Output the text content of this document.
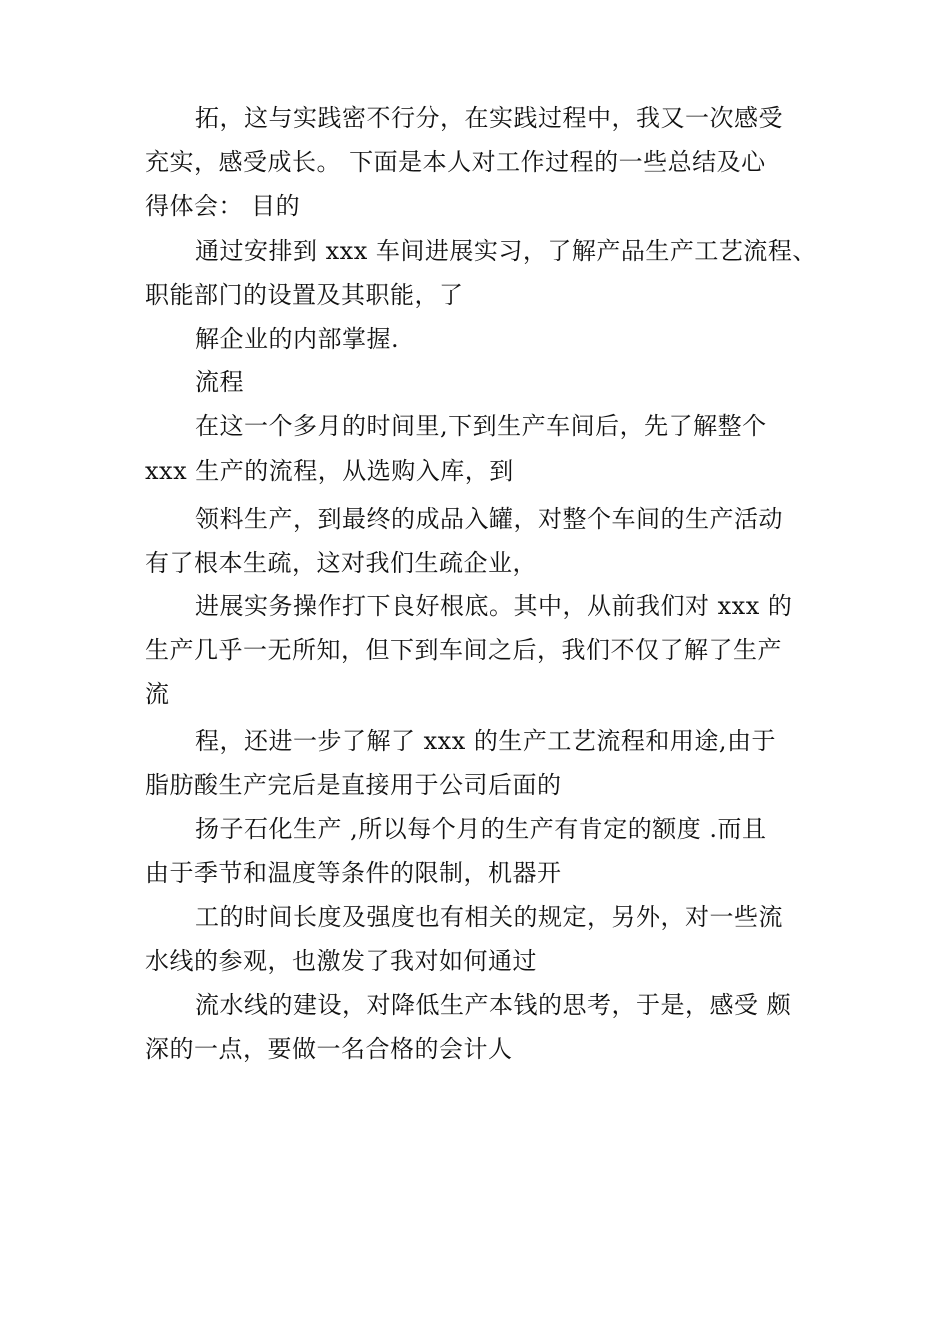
拓，这与实践密不行分，在实践过程中，我又一次感受
充实，感受成长。 下面是本人对工作过程的一些总结及心
得体会： 目的
通过安排到 xxx 车间进展实习，了解产品生产工艺流程、
职能部门的设置及其职能，了
解企业的内部掌握.
流程
在这一个多月的时间里,下到生产车间后，先了解整个
xxx 生产的流程，从选购入库，到
领料生产，到最终的成品入罐，对整个车间的生产活动
有了根本生疏，这对我们生疏企业，
进展实务操作打下良好根底。其中，从前我们对 xxx 的
生产几乎一无所知，但下到车间之后，我们不仅了解了生产
流
程，还进一步了解了 xxx 的生产工艺流程和用途,由于
脂肪酸生产完后是直接用于公司后面的
扬子石化生产 ,所以每个月的生产有肯定的额度 .而且
由于季节和温度等条件的限制，机器开
工的时间长度及强度也有相关的规定，另外，对一些流
水线的参观，也激发了我对如何通过
流水线的建设，对降低生产本钱的思考，于是，感受 颇
深的一点，要做一名合格的会计人
